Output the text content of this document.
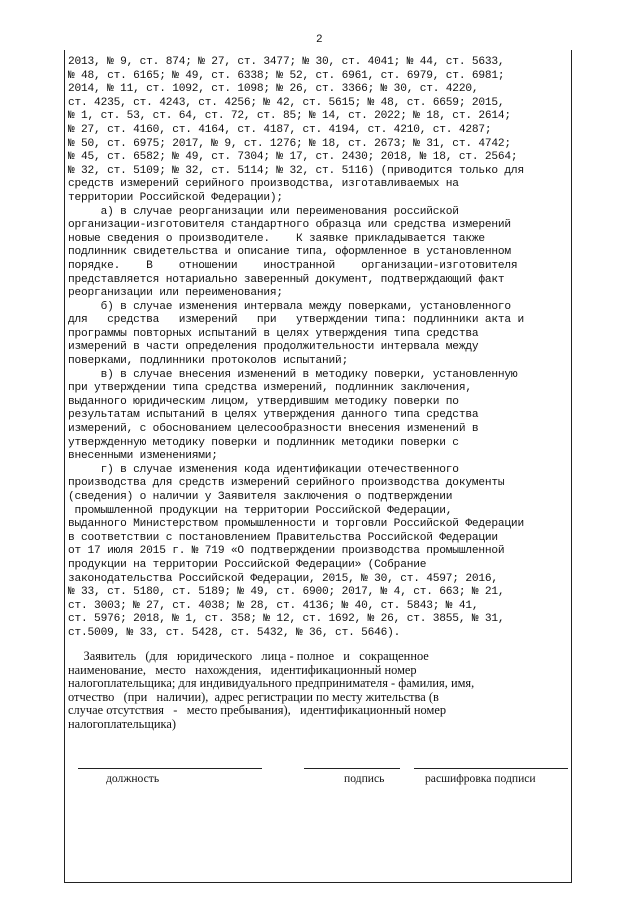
2
2013, № 9, ст. 874; № 27, ст. 3477; № 30, ст. 4041; № 44, ст. 5633,
№ 48, ст. 6165; № 49, ст. 6338; № 52, ст. 6961, ст. 6979, ст. 6981;
2014, № 11, ст. 1092, ст. 1098; № 26, ст. 3366; № 30, ст. 4220,
ст. 4235, ст. 4243, ст. 4256; № 42, ст. 5615; № 48, ст. 6659; 2015,
№ 1, ст. 53, ст. 64, ст. 72, ст. 85; № 14, ст. 2022; № 18, ст. 2614;
№ 27, ст. 4160, ст. 4164, ст. 4187, ст. 4194, ст. 4210, ст. 4287;
№ 50, ст. 6975; 2017, № 9, ст. 1276; № 18, ст. 2673; № 31, ст. 4742;
№ 45, ст. 6582; № 49, ст. 7304; № 17, ст. 2430; 2018, № 18, ст. 2564;
№ 32, ст. 5109; № 32, ст. 5114; № 32, ст. 5116) (приводится только для
средств измерений серийного производства, изготавливаемых на
территории Российской Федерации);
а) в случае реорганизации или переименования российской
организации-изготовителя стандартного образца или средства измерений
новые сведения о производителе.    К заявке прикладывается также
подлинник свидетельства и описание типа, оформленное в установленном
порядке.    В    отношении    иностранной    организации-изготовителя
представляется нотариально заверенный документ, подтверждающий факт
реорганизации или переименования;
б) в случае изменения интервала между поверками, установленного
для   средства   измерений   при   утверждении типа: подлинники акта и
программы повторных испытаний в целях утверждения типа средства
измерений в части определения продолжительности интервала между
поверками, подлинники протоколов испытаний;
в) в случае внесения изменений в методику поверки, установленную
при утверждении типа средства измерений, подлинник заключения,
выданного юридическим лицом, утвердившим методику поверки по
результатам испытаний в целях утверждения данного типа средства
измерений, с обоснованием целесообразности внесения изменений в
утвержденную методику поверки и подлинник методики поверки с
внесенными изменениями;
г) в случае изменения кода идентификации отечественного
производства для средств измерений серийного производства документы
(сведения) о наличии у Заявителя заключения о подтверждении
промышленной продукции на территории Российской Федерации,
выданного Министерством промышленности и торговли Российской Федерации
в соответствии с постановлением Правительства Российской Федерации
от 17 июля 2015 г. № 719 «О подтверждении производства промышленной
продукции на территории Российской Федерации» (Собрание
законодательства Российской Федерации, 2015, № 30, ст. 4597; 2016,
№ 33, ст. 5180, ст. 5189; № 49, ст. 6900; 2017, № 4, ст. 663; № 21,
ст. 3003; № 27, ст. 4038; № 28, ст. 4136; № 40, ст. 5843; № 41,
ст. 5976; 2018, № 1, ст. 358; № 12, ст. 1692, № 26, ст. 3855, № 31,
ст.5009, № 33, ст. 5428, ст. 5432, № 36, ст. 5646).
Заявитель   (для   юридического   лица - полное   и   сокращенное
наименование,   место   нахождения,   идентификационный номер
налогоплательщика; для индивидуального предпринимателя - фамилия, имя,
отчество   (при   наличии),  адрес регистрации по месту жительства (в
случае отсутствия   -   место пребывания),   идентификационный номер
налогоплательщика)
должность	подпись	расшифровка подписи
